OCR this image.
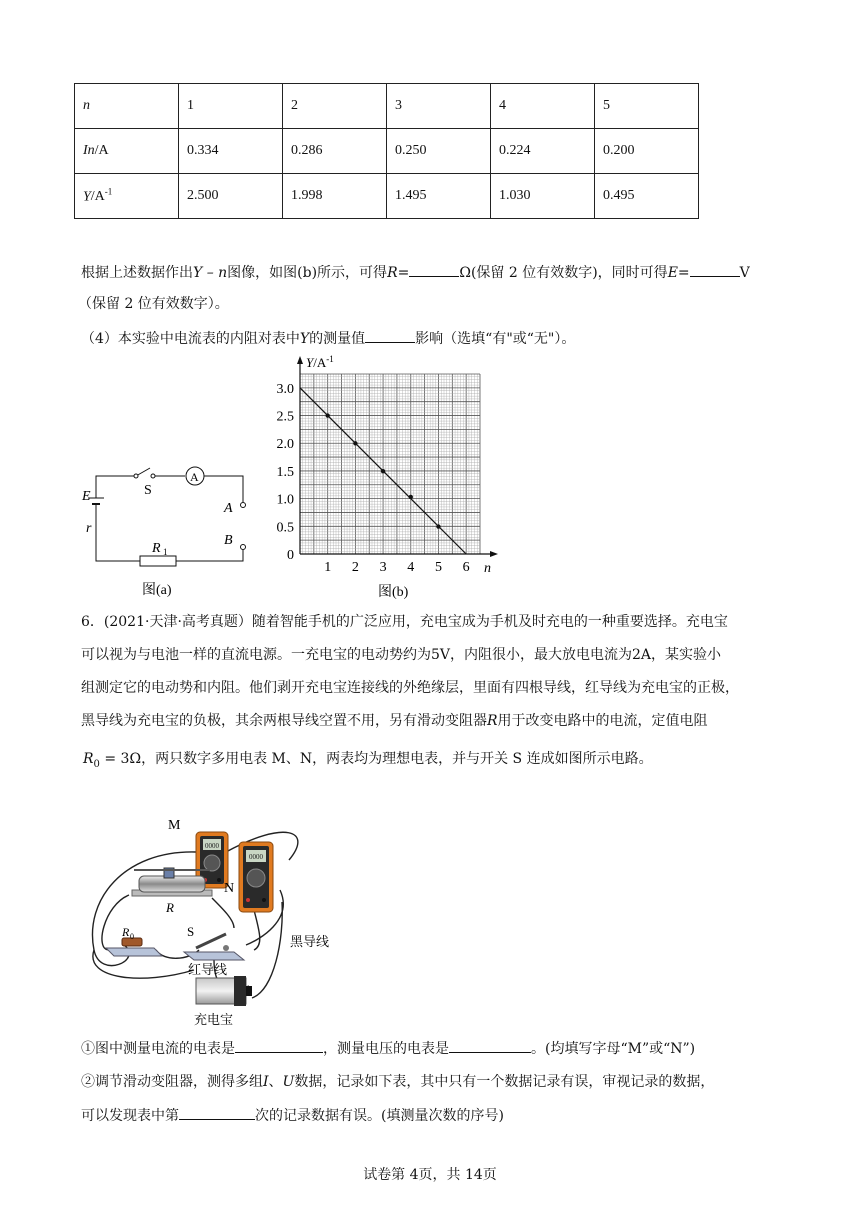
n	1	2	3	4	5
In/A	0.334	0.286	0.250	0.224	0.200
$Y/A^{-1}$	2.500	1.998	1.495	1.030	0.495
根据上述数据作出Y – n图像，如图(b)所示，可得R=	Ω(保留 2 位有效数字)，同时可得E=	V
（保留 2 位有效数字）。
（4）本实验中电流表的内阻对表中Y的测量值	影响（选填“有"或“无"）。
S
A
E
r
A
B
R 1
图(a)
1 2 3 4 5 6
0
0.5
1.0
1.5
2.0
2.5
3.0
$Y/A^{-1}$
n
图(b)
6．(2021·天津·高考真题）随着智能手机的广泛应用，充电宝成为手机及时充电的一种重要选择。充电宝
可以视为与电池一样的直流电源。一充电宝的电动势约为5V，内阻很小，最大放电电流为2A，某实验小
组测定它的电动势和内阻。他们剥开充电宝连接线的外绝缘层，里面有四根导线，红导线为充电宝的正极，
黑导线为充电宝的负极，其余两根导线空置不用，另有滑动变阻器R用于改变电路中的电流，定值电阻
$R_0 = 3\Omega$，两只数字多用电表 M、N，两表均为理想电表，并与开关 S 连成如图所示电路。
0000
0000
M
N
R
R 0	S
黑导线
红导线
充电宝
①图中测量电流的电表是	，测量电压的电表是	。(均填写字母“M”或“N”)
②调节滑动变阻器，测得多组I、U数据，记录如下表，其中只有一个数据记录有误，审视记录的数据，
可以发现表中第	次的记录数据有误。(填测量次数的序号)
试卷第 4页，共 14页
